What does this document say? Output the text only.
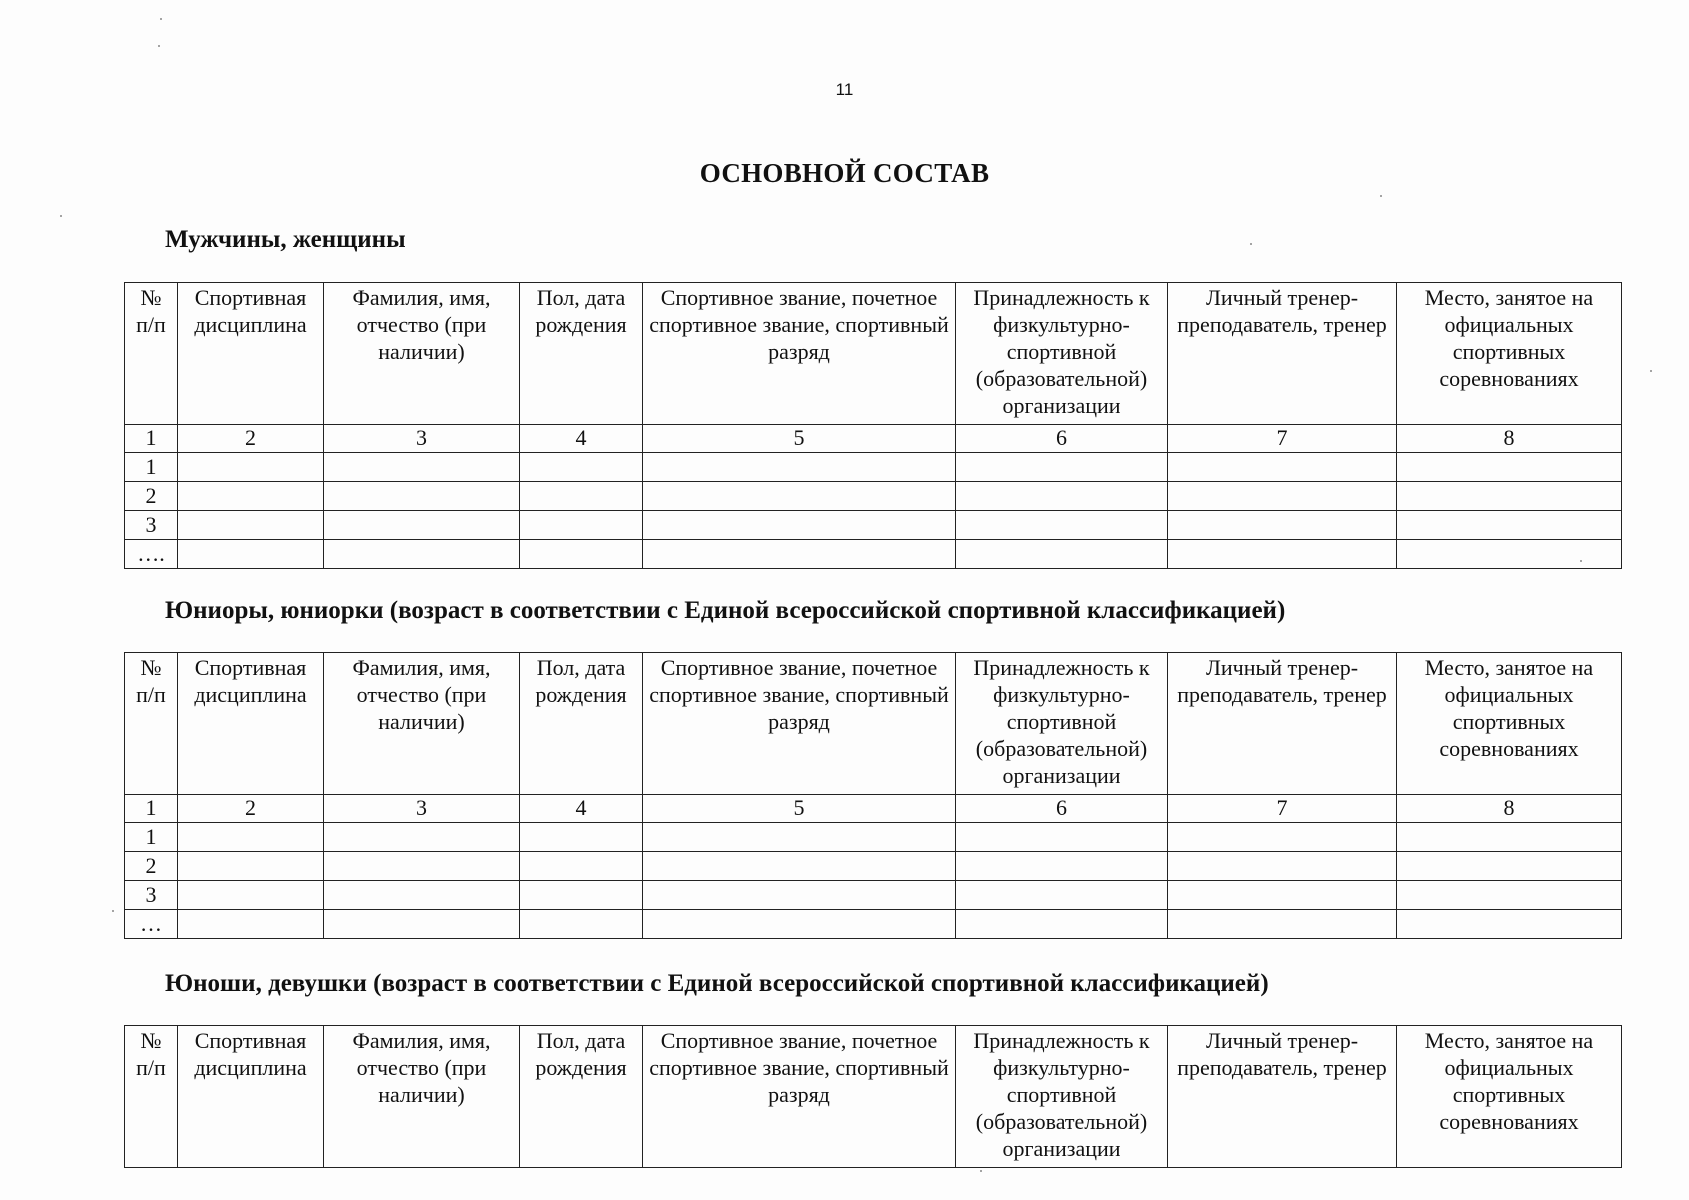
11
ОСНОВНОЙ СОСТАВ
Мужчины, женщины
№ п/п	Спортивная дисциплина	Фамилия, имя, отчество (при наличии)	Пол, дата рождения	Спортивное звание, почетное спортивное звание, спортивный разряд	Принадлежность к физкультурно-спортивной (образовательной) организации	Личный тренер-преподаватель, тренер	Место, занятое на официальных спортивных соревнованиях
1	2	3	4	5	6	7	8
1							
2							
3							
….							
Юниоры, юниорки (возраст в соответствии с Единой всероссийской спортивной классификацией)
№ п/п	Спортивная дисциплина	Фамилия, имя, отчество (при наличии)	Пол, дата рождения	Спортивное звание, почетное спортивное звание, спортивный разряд	Принадлежность к физкультурно-спортивной (образовательной) организации	Личный тренер-преподаватель, тренер	Место, занятое на официальных спортивных соревнованиях
1	2	3	4	5	6	7	8
1							
2							
3							
…							
Юноши, девушки (возраст в соответствии с Единой всероссийской спортивной классификацией)
№ п/п	Спортивная дисциплина	Фамилия, имя, отчество (при наличии)	Пол, дата рождения	Спортивное звание, почетное спортивное звание, спортивный разряд	Принадлежность к физкультурно-спортивной (образовательной) организации	Личный тренер-преподаватель, тренер	Место, занятое на официальных спортивных соревнованиях
